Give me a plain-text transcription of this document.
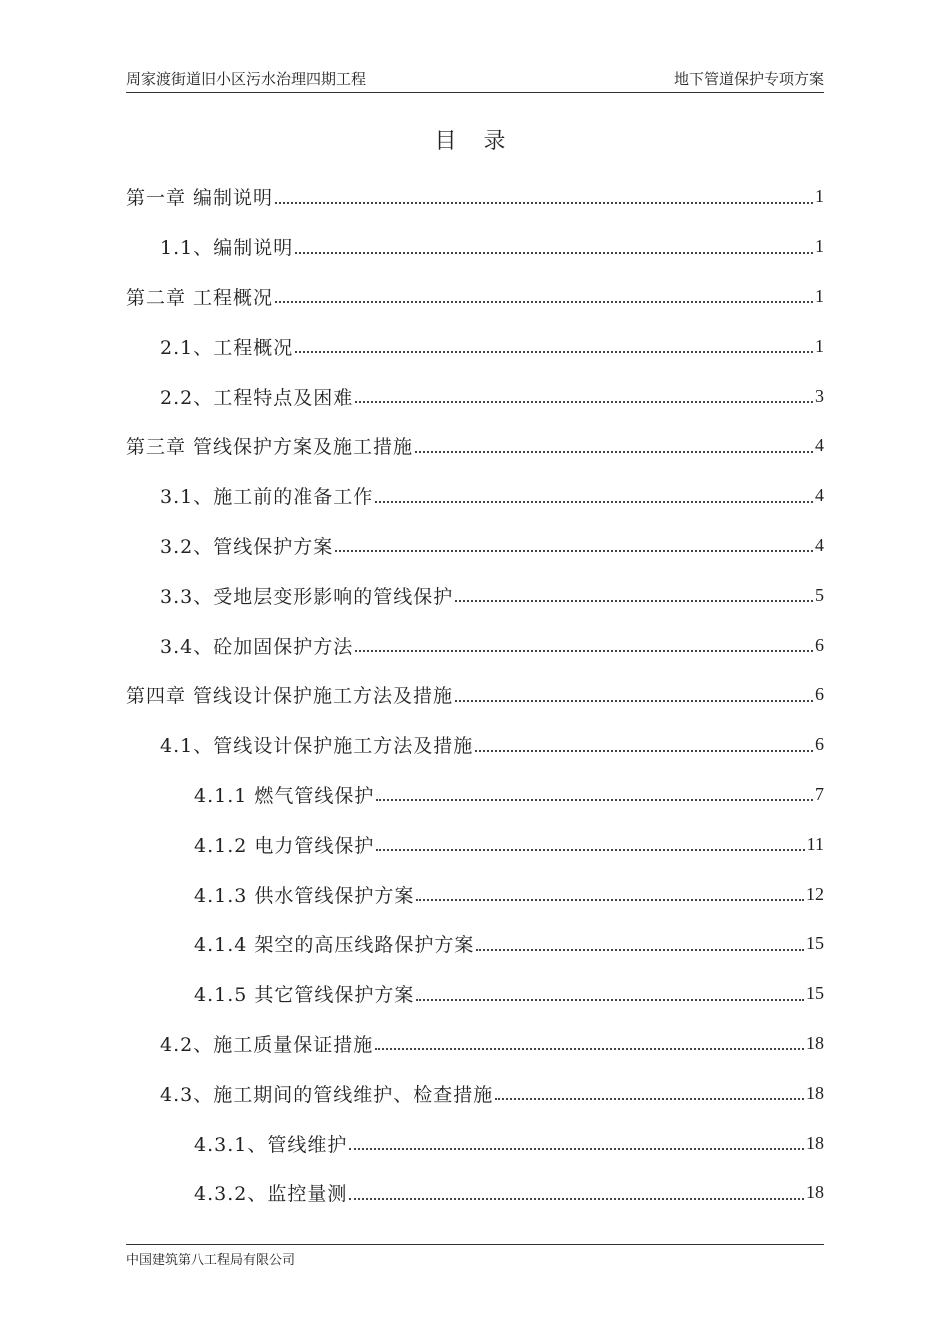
周家渡街道旧小区污水治理四期工程	地下管道保护专项方案
目 录
第一章 编制说明	1
1.1、编制说明	1
第二章 工程概况	1
2.1、工程概况	1
2.2、工程特点及困难	3
第三章 管线保护方案及施工措施	4
3.1、施工前的准备工作	4
3.2、管线保护方案	4
3.3、受地层变形影响的管线保护	5
3.4、砼加固保护方法	6
第四章 管线设计保护施工方法及措施	6
4.1、管线设计保护施工方法及措施	6
4.1.1 燃气管线保护	7
4.1.2 电力管线保护	11
4.1.3 供水管线保护方案	12
4.1.4 架空的高压线路保护方案	15
4.1.5 其它管线保护方案	15
4.2、施工质量保证措施	18
4.3、施工期间的管线维护、检查措施	18
4.3.1、管线维护	18
4.3.2、监控量测	18
中国建筑第八工程局有限公司
